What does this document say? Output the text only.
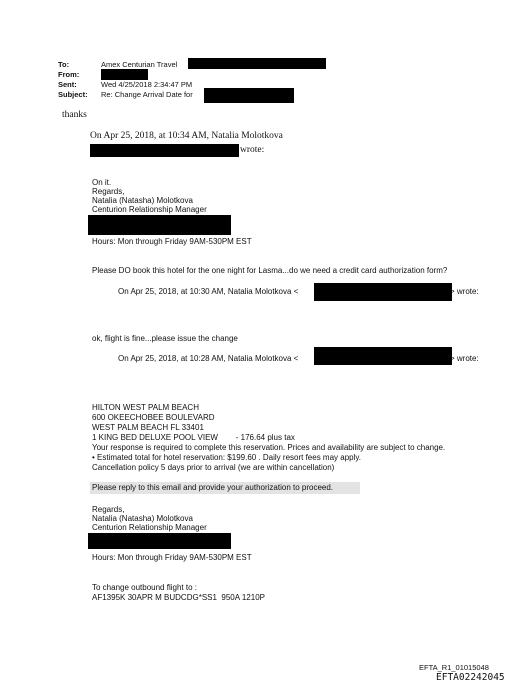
To:	Amex Centurian Travel
From:
Sent:	Wed 4/25/2018 2:34:47 PM
Subject: Re: Change Arrival Date for
thanks
On Apr 25, 2018, at 10:34 AM, Natalia Molotkova
wrote:
On it.
Regards,
Natalia (Natasha) Molotkova
Centurion Relationship Manager
Hours: Mon through Friday 9AM-530PM EST
Please DO book this hotel for the one night for Lasma...do we need a credit card authorization form?
On Apr 25, 2018, at 10:30 AM, Natalia Molotkova <	> wrote:
ok, flight is fine...please issue the change
On Apr 25, 2018, at 10:28 AM, Natalia Molotkova <	> wrote:
HILTON WEST PALM BEACH
600 OKEECHOBEE BOULEVARD
WEST PALM BEACH FL 33401
1 KING BED DELUXE POOL VIEW        - 176.64 plus tax
Your response is required to complete this reservation. Prices and availability are subject to change.
• Estimated total for hotel reservation: $199.60 . Daily resort fees may apply.
Cancellation policy 5 days prior to arrival (we are within cancellation)
Please reply to this email and provide your authorization to proceed.
Regards,
Natalia (Natasha) Molotkova
Centurion Relationship Manager
Hours: Mon through Friday 9AM-530PM EST
To change outbound flight to :
AF1395K 30APR M BUDCDG*SS1  950A 1210P
EFTA_R1_01015048
EFTA02242045
